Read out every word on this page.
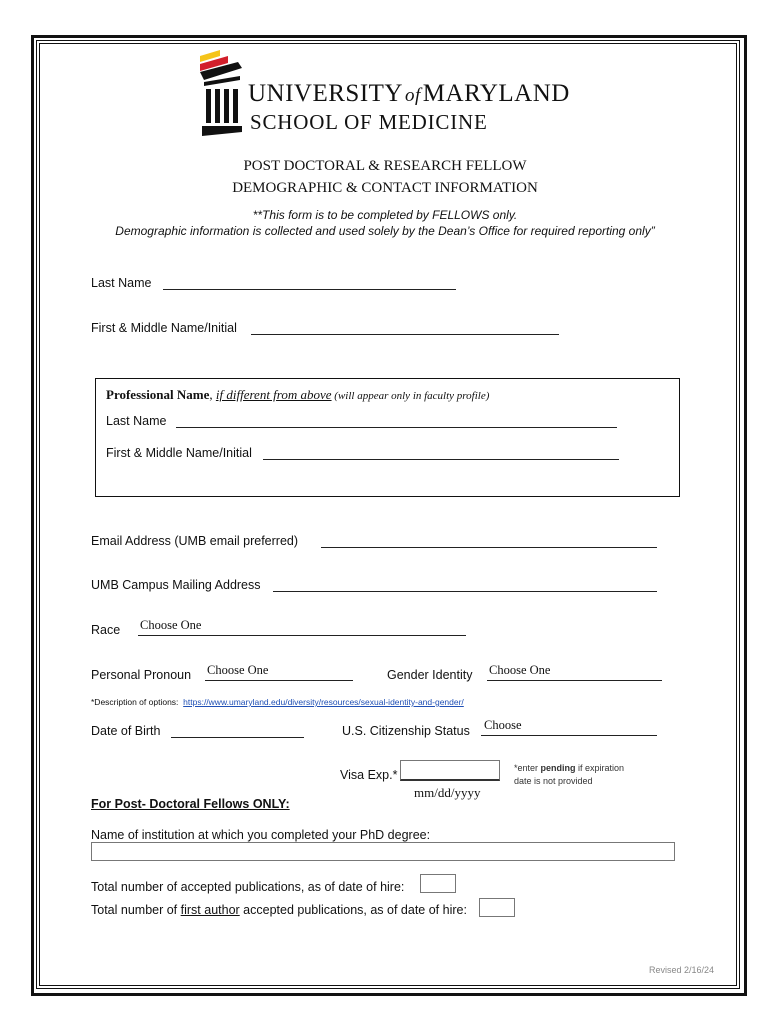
UNIVERSITY ofMARYLAND
SCHOOL OF MEDICINE
POST DOCTORAL & RESEARCH FELLOW
DEMOGRAPHIC & CONTACT INFORMATION
**This form is to be completed by FELLOWS only.
Demographic information is collected and used solely by the Dean’s Office for required reporting only”
Last Name
First & Middle Name/Initial
Professional Name, if different from above (will appear only in faculty profile)
Last Name
First & Middle Name/Initial
Email Address (UMB email preferred)
UMB Campus Mailing Address
Race Choose One
Personal Pronoun Choose One	Gender Identity Choose One
*Description of options: https://www.umaryland.edu/diversity/resources/sexual-identity-and-gender/
Date of Birth	U.S. Citizenship Status Choose
Visa Exp.*
mm/dd/yyyy
*enter pending if expiration
date is not provided
For Post- Doctoral Fellows ONLY:
Name of institution at which you completed your PhD degree:
Total number of accepted publications, as of date of hire:
Total number of first author accepted publications, as of date of hire:
Revised 2/16/24
